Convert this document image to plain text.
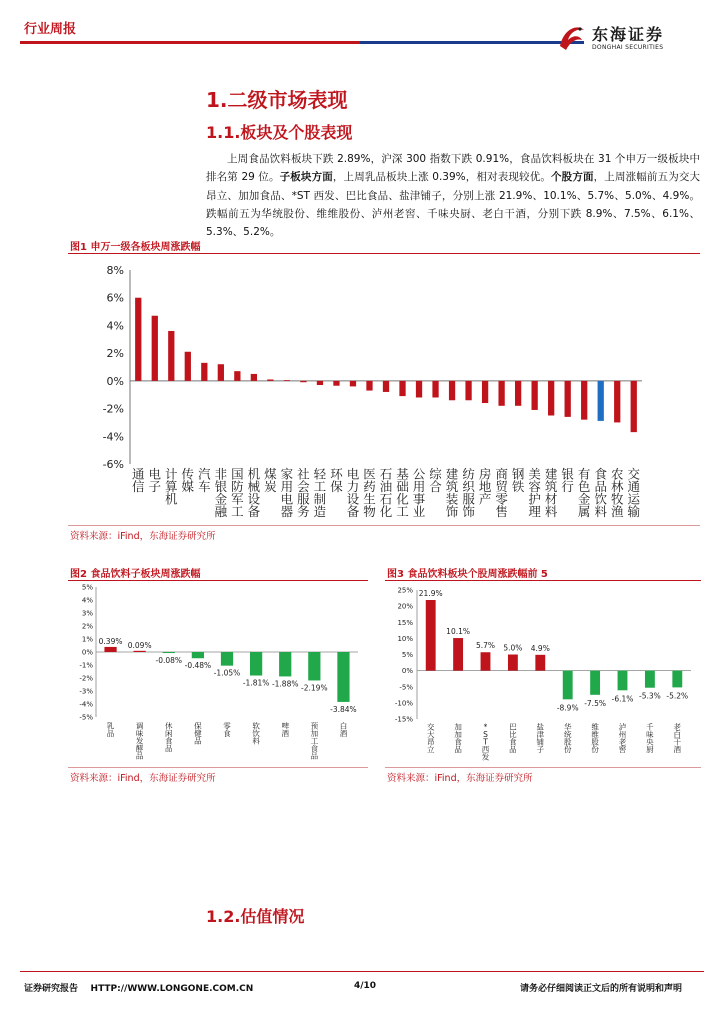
行业周报	东海证券
DONGHAI SECURITIES
1.二级市场表现
1.1.板块及个股表现

上周食品饮料板块下跌 2.89%，沪深 300 指数下跌 0.91%，食品饮料板块在 31 个申万一级板块中排名第 29 位。子板块方面，上周乳品板块上涨 0.39%，相对表现较优。个股方面，上周涨幅前五为交大昂立、加加食品、*ST 西发、巴比食品、盐津铺子，分别上涨 21.9%、10.1%、5.7%、5.0%、4.9%。跌幅前五为华统股份、维维股份、泸州老窖、千味央厨、老白干酒，分别下跌 8.9%、7.5%、6.1%、5.3%、5.2%。

图1 申万一级各板块周涨跌幅
8%
6%
4%
2%
0%
-2%
-4%
-6%
通信
电子
计算机
传媒
汽车
非银金融
国防军工
机械设备
煤炭
家用电器
社会服务
轻工制造
环保
电力设备
医药生物
石油石化
基础化工
公用事业
综合
建筑装饰
纺织服饰
房地产
商贸零售
钢铁
美容护理
建筑材料
银行
有色金属
食品饮料
农林牧渔
交通运输
资料来源：iFind，东海证券研究所
图2 食品饮料子板块周涨跌幅
5%
4%
3%
2%
1%
0%
-1%
-2%
-3%
-4%
-5%
0.39%
乳品
0.09%
调味发酵品
-0.08%
休闲食品
-0.48%
保健品
-1.05%
零食
-1.81%
软饮料
-1.88%
啤酒
-2.19%
预加工食品
-3.84%
白酒
资料来源：iFind，东海证券研究所
图3 食品饮料板块个股周涨跌幅前 5
25%
20%
15%
10%
5%
0%
-5%
-10%
-15%
21.9%
交大昂立
10.1%
加加食品
5.7%
* S T 西发
5.0%
巴比食品
4.9%
盐津铺子
-8.9%
华统股份
-7.5%
维维股份
-6.1%
泸州老窖
-5.3%
千味央厨
-5.2%
老白干酒
资料来源：iFind，东海证券研究所
1.2.估值情况
证券研究报告    HTTP://WWW.LONGONE.COM.CN	4/10	请务必仔细阅读正文后的所有说明和声明
